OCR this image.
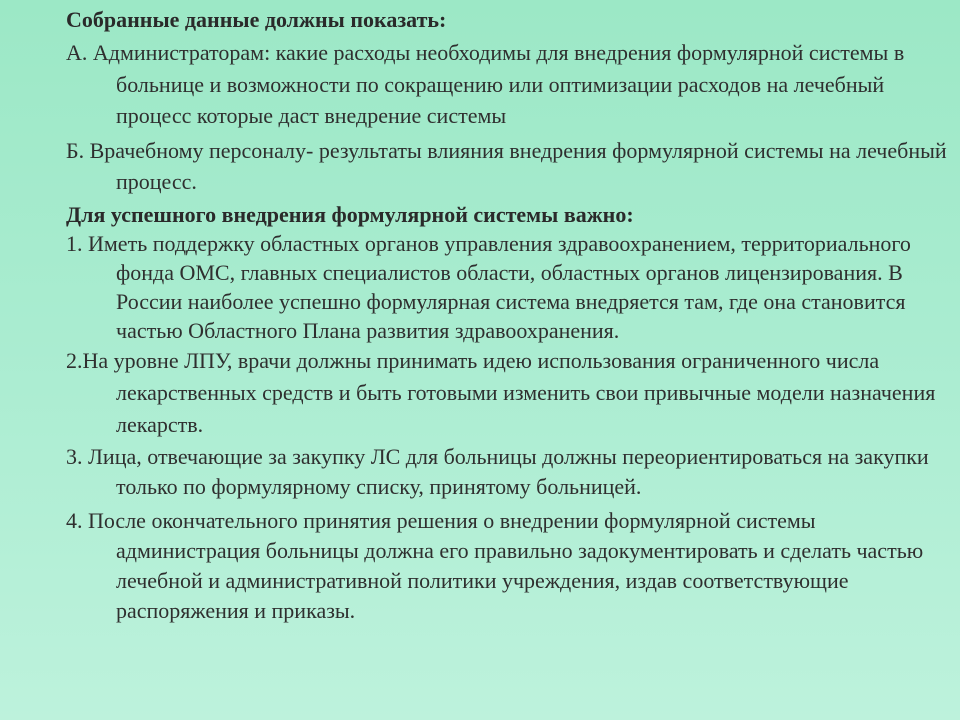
Собранные данные должны показать:

А. Администраторам: какие расходы необходимы для внедрения формулярной системы в больнице и возможности по сокращению или оптимизации расходов на лечебный процесс которые даст внедрение системы

Б. Врачебному персоналу- результаты влияния внедрения формулярной системы на лечебный процесс.

Для успешного внедрения формулярной системы важно:

1. Иметь поддержку областных органов управления здравоохранением, территориального фонда ОМС, главных специалистов области, областных органов лицензирования. В России наиболее успешно формулярная система внедряется там, где она становится частью Областного Плана развития здравоохранения.

2.На уровне ЛПУ, врачи должны принимать идею использования ограниченного числа лекарственных средств и быть готовыми изменить свои привычные модели назначения лекарств.

3. Лица, отвечающие за закупку ЛС для больницы должны переориентироваться на закупки только по формулярному списку, принятому больницей.

4. После окончательного принятия решения о внедрении формулярной системы администрация больницы должна его правильно задокументировать и сделать частью лечебной и административной политики учреждения, издав соответствующие распоряжения и приказы.
